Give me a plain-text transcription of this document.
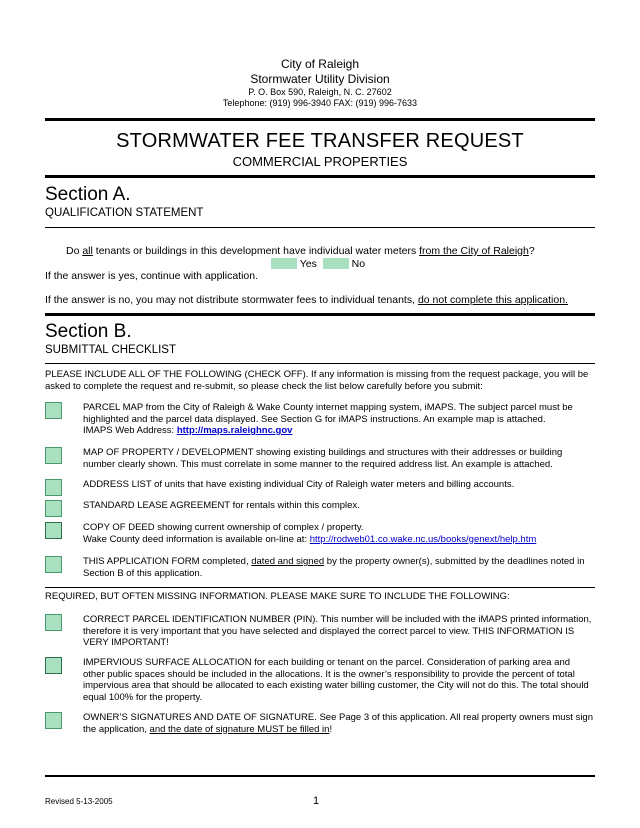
City of Raleigh
Stormwater Utility Division
P. O. Box 590, Raleigh, N. C. 27602
Telephone: (919) 996-3940 FAX: (919) 996-7633
STORMWATER FEE TRANSFER REQUEST
COMMERCIAL PROPERTIES
Section A.
QUALIFICATION STATEMENT
Do all tenants or buildings in this development have individual water meters from the City of Raleigh?
Yes	No
If the answer is yes, continue with application.
If the answer is no, you may not distribute stormwater fees to individual tenants, do not complete this application.
Section B.
SUBMITTAL CHECKLIST
PLEASE INCLUDE ALL OF THE FOLLOWING (CHECK OFF). If any information is missing from the request package, you will be asked to complete the request and re-submit, so please check the list below carefully before you submit:
PARCEL MAP from the City of Raleigh & Wake County internet mapping system, iMAPS. The subject parcel must be highlighted and the parcel data displayed. See Section G for iMAPS instructions. An example map is attached.
IMAPS Web Address: http://maps.raleighnc.gov
MAP OF PROPERTY / DEVELOPMENT showing existing buildings and structures with their addresses or building number clearly shown. This must correlate in some manner to the required address list. An example is attached.
ADDRESS LIST of units that have existing individual City of Raleigh water meters and billing accounts.
STANDARD LEASE AGREEMENT for rentals within this complex.
COPY OF DEED showing current ownership of complex / property.
Wake County deed information is available on-line at: http://rodweb01.co.wake.nc.us/books/genext/help.htm
THIS APPLICATION FORM completed, dated and signed by the property owner(s), submitted by the deadlines noted in Section B of this application.
REQUIRED, BUT OFTEN MISSING INFORMATION. PLEASE MAKE SURE TO INCLUDE THE FOLLOWING:
CORRECT PARCEL IDENTIFICATION NUMBER (PIN). This number will be included with the iMAPS printed information, therefore it is very important that you have selected and displayed the correct parcel to view. THIS INFORMATION IS VERY IMPORTANT!
IMPERVIOUS SURFACE ALLOCATION for each building or tenant on the parcel. Consideration of parking area and other public spaces should be included in the allocations. It is the owner’s responsibility to provide the percent of total impervious area that should be allocated to each existing water billing customer, the City will not do this. The total should equal 100% for the property.
OWNER’S SIGNATURES AND DATE OF SIGNATURE. See Page 3 of this application. All real property owners must sign the application, and the date of signature MUST be filled in!
Revised 5-13-2005	1
